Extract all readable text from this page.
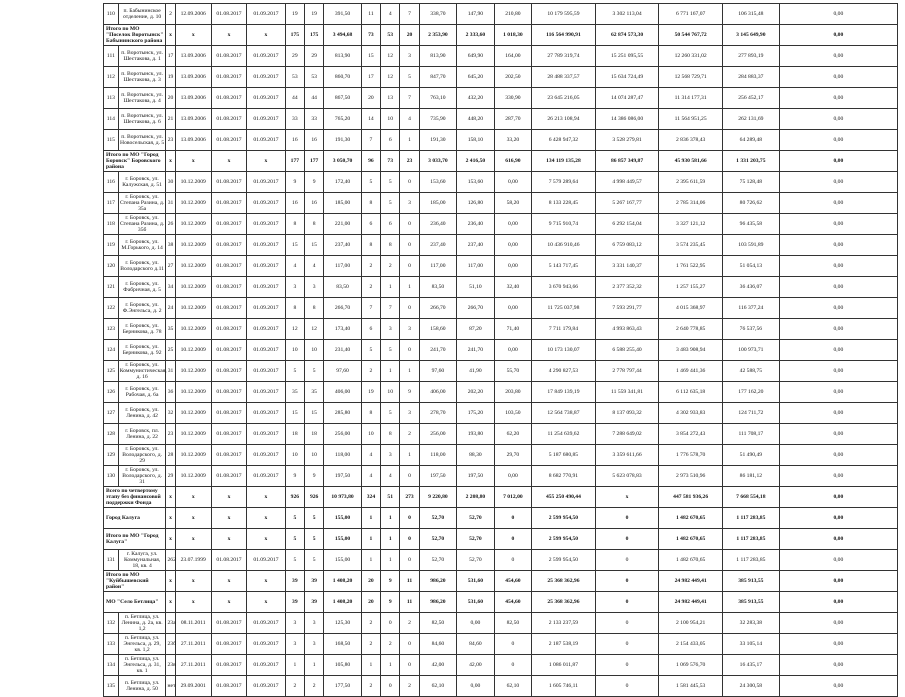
110	п. Бабынинское отделение, д. 10	2	12.09.2006	01.08.2017	01.09.2017	19	19	391,50	11	4	7	338,70	147,90	210,80	10 179 595,59	3 302 113,04	6 771 167,07	106 315,48	0,00
Итого по МО "Поселок Воротынск" Бабынинского района		x	x	x	x	175	175	3 494,68	73	53	20	2 353,90	2 333,60	1 018,30	116 564 990,91	62 874 573,30	50 544 767,72	3 145 649,90	0,00
111	п. Воротынск, ул. Шестакова, д. 1	17	13.09.2006	01.08.2017	01.09.2017	29	29	813,90	15	12	3	813,90	649,90	164,00	27 789 319,74	15 251 095,55	12 260 331,02	277 893,19	0,00
112	п. Воротынск, ул. Шестакова, д. 3	19	13.09.2006	01.08.2017	01.09.2017	53	53	860,70	17	12	5	847,70	645,20	202,50	28 488 337,57	15 634 724,49	12 568 729,71	284 883,37	0,00
113	п. Воротынск, ул. Шестакова, д. 4	20	13.09.2006	01.08.2017	01.09.2017	44	44	867,50	20	13	7	763,10	432,20	330,90	23 645 216,05	14 074 287,47	11 314 177,31	256 452,17	0,00
114	п. Воротынск, ул. Шестакова, д. 6	21	13.09.2006	01.08.2017	01.09.2017	33	33	765,20	14	10	4	735,90	448,20	287,70	26 213 108,94	14 386 086,00	11 564 951,25	262 131,69	0,00
115	п. Воротынск, ул. Новосельская, д. 5	23	13.09.2006	01.08.2017	01.09.2017	16	16	191,30	7	6	1	191,30	158,10	33,20	6 428 947,32	3 528 279,81	2 836 378,43	64 289,48	0,00
Итого по МО "Город Боровск" Боровского района		x	x	x	x	177	177	3 050,70	96	73	23	3 033,70	2 416,50	616,90	134 119 135,28	86 857 349,87	45 930 581,66	1 331 203,75	0,00
116	г. Боровск, ул. Калужская, д. 51	30	10.12.2009	01.08.2017	01.09.2017	9	9	172,40	5	5	0	153,60	153,60	0,00	7 579 289,64	4 998 449,57	2 395 611,59	75 128,48	0,00
117	г. Боровск, ул. Степана Разина, д. 35а	31	10.12.2009	01.08.2017	01.09.2017	16	16	185,00	8	5	3	185,00	126,80	58,20	8 133 228,45	5 267 167,77	2 785 314,06	80 726,62	0,00
118	г. Боровск, ул. Степана Разина, д. 35б	26	10.12.2009	01.08.2017	01.09.2017	8	8	221,00	6	6	0	236,40	236,40	0,00	9 715 910,74	6 292 154,04	3 327 121,12	96 435,58	0,00
119	г. Боровск, ул. М.Горького, д. 14	38	10.12.2009	01.08.2017	01.09.2017	15	15	237,40	8	8	0	237,40	237,40	0,00	10 436 910,46	6 759 083,12	3 574 235,45	103 591,89	0,00
120	г. Боровск, ул. Володарского д.11	27	10.12.2009	01.08.2017	01.09.2017	4	4	117,00	2	2	0	117,00	117,00	0,00	5 143 717,45	3 331 140,37	1 761 522,95	51 054,13	0,00
121	г. Боровск, ул. Фабричная, д. 5	34	10.12.2009	01.08.2017	01.09.2017	3	3	83,50	2	1	1	83,50	51,10	32,40	3 670 943,66	2 377 352,32	1 257 155,27	36 436,07	0,00
122	г. Боровск, ул. Ф.Энгельса, д. 2	24	10.12.2009	01.08.2017	01.09.2017	8	8	266,70	7	7	0	266,70	266,70	0,00	11 725 037,98	7 593 291,77	4 015 368,97	116 377,24	0,00
123	г. Боровск, ул. Берникова, д. 78	35	10.12.2009	01.08.2017	01.09.2017	12	12	173,40	6	3	3	158,60	87,20	71,40	7 711 179,84	4 993 863,43	2 640 778,85	76 537,56	0,00
124	г. Боровск, ул. Берникова, д. 92	25	10.12.2009	01.08.2017	01.09.2017	10	10	231,40	5	5	0	241,70	241,70	0,00	10 173 130,07	6 588 255,40	3 483 908,94	100 973,71	0,00
125	г. Боровск, ул. Коммунистическая, д. 16	31	10.12.2009	01.08.2017	01.09.2017	5	5	97,60	2	1	1	97,60	41,90	55,70	4 290 827,53	2 778 797,44	1 469 441,36	42 588,75	0,00
126	г. Боровск, ул. Рабочая, д. 6а	36	10.12.2009	01.08.2017	01.09.2017	35	35	406,00	19	10	9	406,00	202,20	203,80	17 849 139,19	11 559 341,81	6 112 635,18	177 162,20	0,00
127	г. Боровск, ул. Ленина, д. 42	32	10.12.2009	01.08.2017	01.09.2017	15	15	285,80	8	5	3	278,70	175,20	103,50	12 564 738,87	8 137 093,32	4 302 933,83	124 711,72	0,00
128	г. Боровск, пл. Ленина, д. 22	23	10.12.2009	01.08.2017	01.09.2017	18	18	256,00	10	8	2	256,00	193,80	62,20	11 254 639,62	7 288 649,02	3 854 272,43	111 708,17	0,00
129	г. Боровск, ул. Володарского, д. 29	28	10.12.2009	01.08.2017	01.09.2017	10	10	118,00	4	3	1	118,00	88,30	29,70	5 187 680,85	3 359 611,66	1 776 578,70	51 490,49	0,00
130	г. Боровск, ул. Володарского, д. 31	29	10.12.2009	01.08.2017	01.09.2017	9	9	197,50	4	4	0	197,50	197,50	0,00	8 682 770,91	5 623 078,83	2 973 510,96	86 181,12	0,00
Всего по четвертому этапу без финансовой поддержки Фонда		x	x	x	x	926	926	10 973,80	324	51	273	9 220,80	2 208,80	7 012,00	455 250 490,44	x	447 581 936,26	7 668 554,18	0,00
Город Калуга		x	x	x	x	5	5	155,00	1	1	0	52,70	52,70	0	2 599 954,50	0	1 482 670,65	1 117 283,85	0,00
Итого по МО "Город Калуга"		x	x	x	x	5	5	155,00	1	1	0	52,70	52,70	0	2 599 954,50	0	1 482 670,65	1 117 283,85	0,00
131	г. Калуга, ул. Коммунальная, 18, кв. 4	262	23.07.1999	01.08.2017	01.09.2017	5	5	155,00	1	1	0	52,70	52,70	0	2 599 954,50	0	1 482 670,65	1 117 283,85	0,00
Итого по МО "Куйбышевский район"		x	x	x	x	39	39	1 408,20	20	9	11	986,20	531,60	454,60	25 368 362,96	0	24 982 449,41	385 913,55	0,00
МО "Село Бетлица"		x	x	x	x	39	39	1 408,20	20	9	11	986,20	531,60	454,60	25 368 362,96	0	24 982 449,41	385 913,55	0,00
132	п. Бетлица, ул. Ленина, д. 2а, кв. 1,2	23а	08.11.2011	01.08.2017	01.09.2017	3	3	125,30	2	0	2	82,50	0,00	82,50	2 133 237,59	0	2 100 954,21	32 283,38	0,00
133	п. Бетлица, ул. Энгельса, д. 29, кв. 1,2	23б	27.11.2011	01.08.2017	01.09.2017	3	3	168,50	2	2	0	84,60	84,60	0	2 187 538,19	0	2 154 433,05	33 105,14	0,00
134	п. Бетлица, ул. Энгельса, д. 31, кв. 1	23в	27.11.2011	01.08.2017	01.09.2017	1	1	105,80	1	1	0	42,00	42,00	0	1 086 011,87	0	1 069 576,70	16 435,17	0,00
135	п. Бетлица, ул. Ленина, д. 50	нет	29.09.2001	01.08.2017	01.09.2017	2	2	177,50	2	0	2	62,10	0,00	62,10	1 605 746,11	0	1 581 445,53	24 300,58	0,00
